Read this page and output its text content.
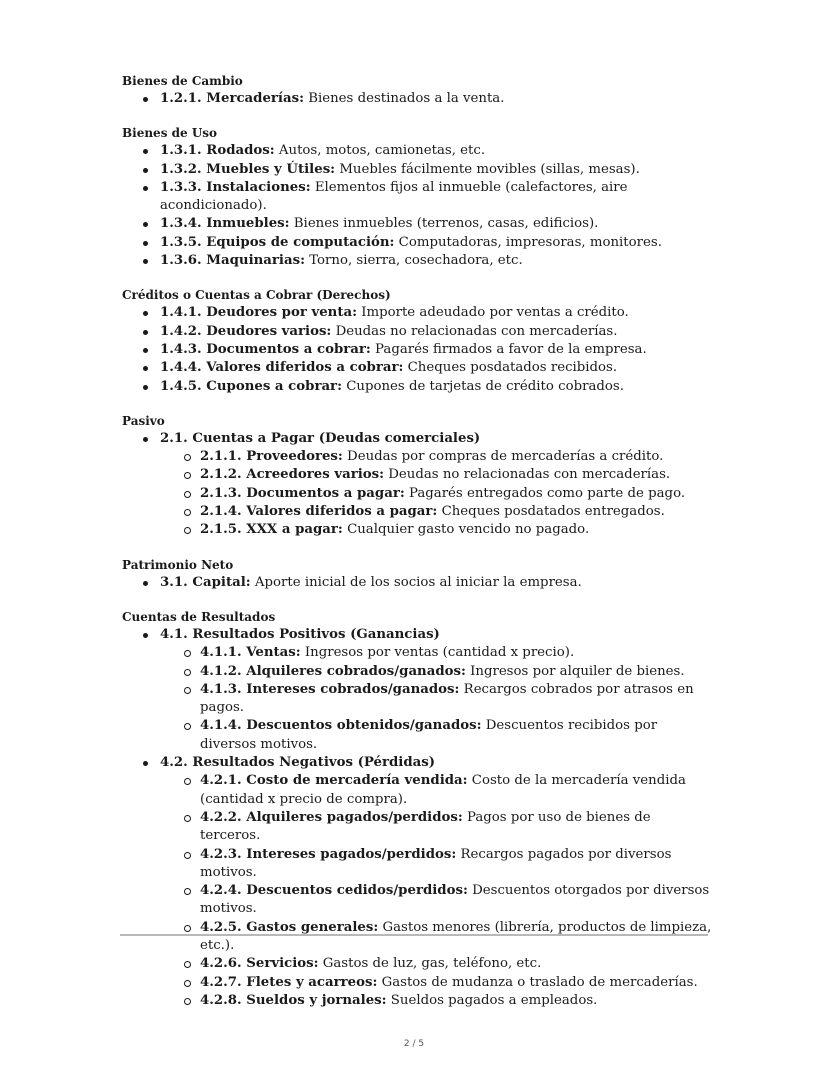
Bienes de Cambio

1.2.1. Mercaderías: Bienes destinados a la venta.

Bienes de Uso

1.3.1. Rodados: Autos, motos, camionetas, etc.
1.3.2. Muebles y Útiles: Muebles fácilmente movibles (sillas, mesas).
1.3.3. Instalaciones: Elementos fijos al inmueble (calefactores, aire acondicionado).
1.3.4. Inmuebles: Bienes inmuebles (terrenos, casas, edificios).
1.3.5. Equipos de computación: Computadoras, impresoras, monitores.
1.3.6. Maquinarias: Torno, sierra, cosechadora, etc.

Créditos o Cuentas a Cobrar (Derechos)

1.4.1. Deudores por venta: Importe adeudado por ventas a crédito.
1.4.2. Deudores varios: Deudas no relacionadas con mercaderías.
1.4.3. Documentos a cobrar: Pagarés firmados a favor de la empresa.
1.4.4. Valores diferidos a cobrar: Cheques posdatados recibidos.
1.4.5. Cupones a cobrar: Cupones de tarjetas de crédito cobrados.

Pasivo

2.1. Cuentas a Pagar (Deudas comerciales)
2.1.1. Proveedores: Deudas por compras de mercaderías a crédito.
2.1.2. Acreedores varios: Deudas no relacionadas con mercaderías.
2.1.3. Documentos a pagar: Pagarés entregados como parte de pago.
2.1.4. Valores diferidos a pagar: Cheques posdatados entregados.
2.1.5. XXX a pagar: Cualquier gasto vencido no pagado.

Patrimonio Neto

3.1. Capital: Aporte inicial de los socios al iniciar la empresa.

Cuentas de Resultados

4.1. Resultados Positivos (Ganancias)
4.1.1. Ventas: Ingresos por ventas (cantidad x precio).
4.1.2. Alquileres cobrados/ganados: Ingresos por alquiler de bienes.
4.1.3. Intereses cobrados/ganados: Recargos cobrados por atrasos en pagos.
4.1.4. Descuentos obtenidos/ganados: Descuentos recibidos por diversos motivos.
4.2. Resultados Negativos (Pérdidas)
4.2.1. Costo de mercadería vendida: Costo de la mercadería vendida (cantidad x precio de compra).
4.2.2. Alquileres pagados/perdidos: Pagos por uso de bienes de terceros.
4.2.3. Intereses pagados/perdidos: Recargos pagados por diversos motivos.
4.2.4. Descuentos cedidos/perdidos: Descuentos otorgados por diversos motivos.
4.2.5. Gastos generales: Gastos menores (librería, productos de limpieza, etc.).
4.2.6. Servicios: Gastos de luz, gas, teléfono, etc.
4.2.7. Fletes y acarreos: Gastos de mudanza o traslado de mercaderías.
4.2.8. Sueldos y jornales: Sueldos pagados a empleados.
2 / 5
